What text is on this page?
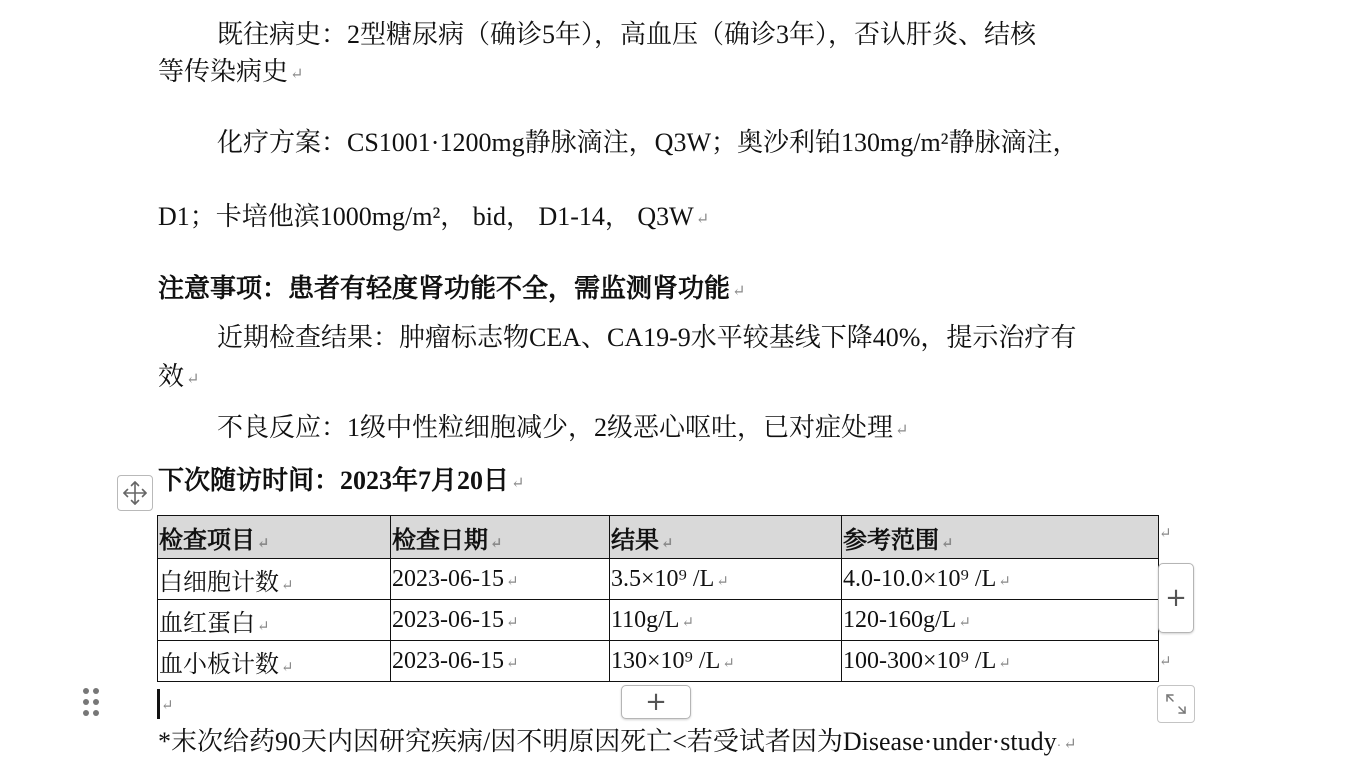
既往病史：2型糖尿病（确诊5年），高血压（确诊3年），否认肝炎、结核
等传染病史 ↵
化疗方案：CS1001·1200mg静脉滴注，Q3W；奥沙利铂130mg/m²静脉滴注，
D1；卡培他滨1000mg/m²， bid， D1-14， Q3W ↵
注意事项：患者有轻度肾功能不全，需监测肾功能 ↵
近期检查结果：肿瘤标志物CEA、CA19-9水平较基线下降40%，提示治疗有
效 ↵
不良反应：1级中性粒细胞减少，2级恶心呕吐，已对症处理 ↵
下次随访时间：2023年7月20日 ↵
检查项目 ↵	检查日期 ↵	结果 ↵	参考范围 ↵
白细胞计数 ↵	2023-06-15 ↵	3.5×10⁹ /L ↵	4.0-10.0×10⁹ /L ↵
血红蛋白 ↵	2023-06-15 ↵	110g/L ↵	120-160g/L ↵
血小板计数 ↵	2023-06-15 ↵	130×10⁹ /L ↵	100-300×10⁹ /L ↵
↵
↵
+
+
↵
*末次给药90天内因研究疾病/因不明原因死亡<若受试者因为Disease·under·study· ↵
